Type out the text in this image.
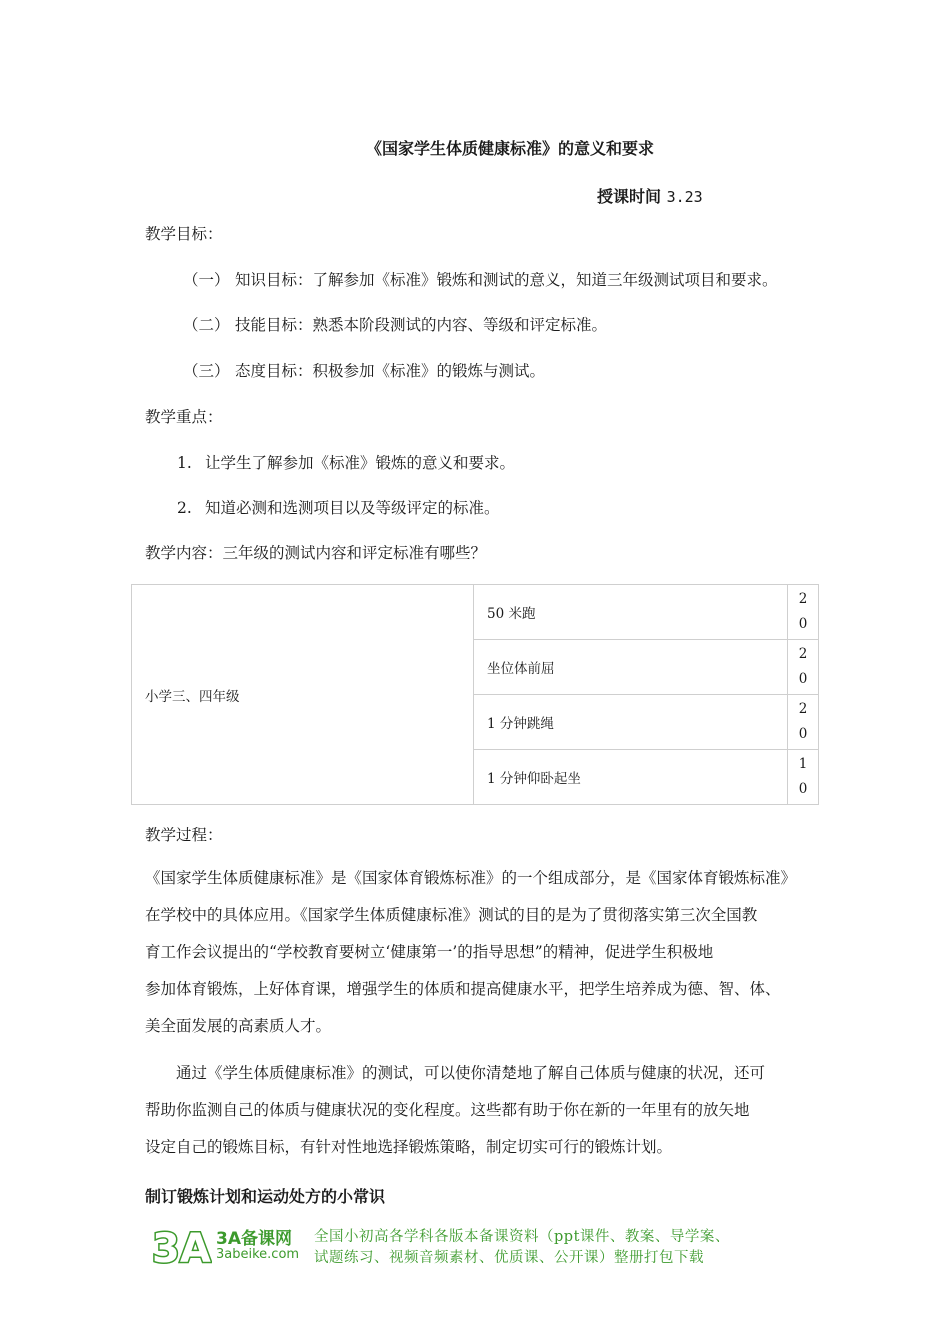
《国家学生体质健康标准》的意义和要求
授课时间 3.23
教学目标：
（一） 知识目标：了解参加《标准》锻炼和测试的意义，知道三年级测试项目和要求。
（二） 技能目标：熟悉本阶段测试的内容、等级和评定标准。
（三） 态度目标：积极参加《标准》的锻炼与测试。
教学重点：
1. 让学生了解参加《标准》锻炼的意义和要求。
2. 知道必测和选测项目以及等级评定的标准。
教学内容：三年级的测试内容和评定标准有哪些？
小学三、四年级	50 米跑	2
0

	坐位体前屈	2
0

	1 分钟跳绳	2
0

	1 分钟仰卧起坐	1
0
教学过程：

《国家学生体质健康标准》是《国家体育锻炼标准》的一个组成部分，是《国家体育锻炼标准》

在学校中的具体应用。《国家学生体质健康标准》测试的目的是为了贯彻落实第三次全国教

育工作会议提出的“学校教育要树立‘健康第一’的指导思想”的精神，促进学生积极地

参加体育锻炼，上好体育课，增强学生的体质和提高健康水平，把学生培养成为德、智、体、

美全面发展的高素质人才。

　　通过《学生体质健康标准》的测试，可以使你清楚地了解自己体质与健康的状况，还可

帮助你监测自己的体质与健康状况的变化程度。这些都有助于你在新的一年里有的放矢地

设定自己的锻炼目标，有针对性地选择锻炼策略，制定切实可行的锻炼计划。

制订锻炼计划和运动处方的小常识
3A 3A备课网
3abeike.com
全国小初高各学科各版本备课资料（ppt课件、教案、导学案、
试题练习、视频音频素材、优质课、公开课）整册打包下载
